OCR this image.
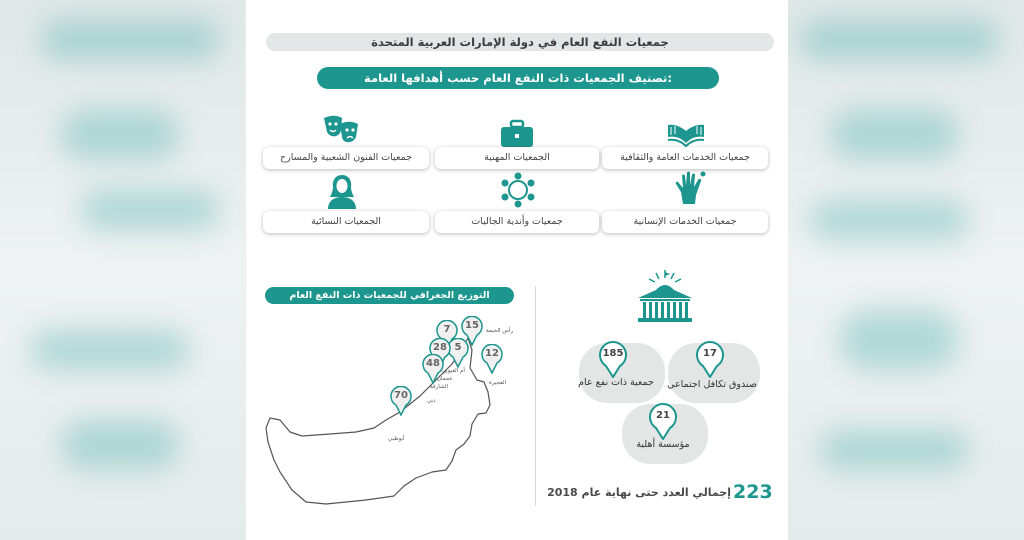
جمعيات النفع العام في دولة الإمارات العربية المتحدة
تصنيف الجمعيات ذات النفع العام حسب أهدافها العامة:
جمعيات الخدمات العامة والثقافية
الجمعيات المهنية
جمعيات الفنون الشعبية والمسارح
جمعيات الخدمات الإنسانية
جمعيات وأندية الجاليات
الجمعيات النسائية
التوزيع الجغرافي للجمعيات ذات النفع العام
15	رأس الخيمة
7
أم القيوين
5
عجمان
28
الشارقة
48
دبي
12
الفجيرة
70
أبوظبي
185
جمعية ذات نفع عام
17
صندوق تكافل اجتماعي
21
مؤسسة أهلية
223
إجمالي العدد حتى نهاية عام 2018
